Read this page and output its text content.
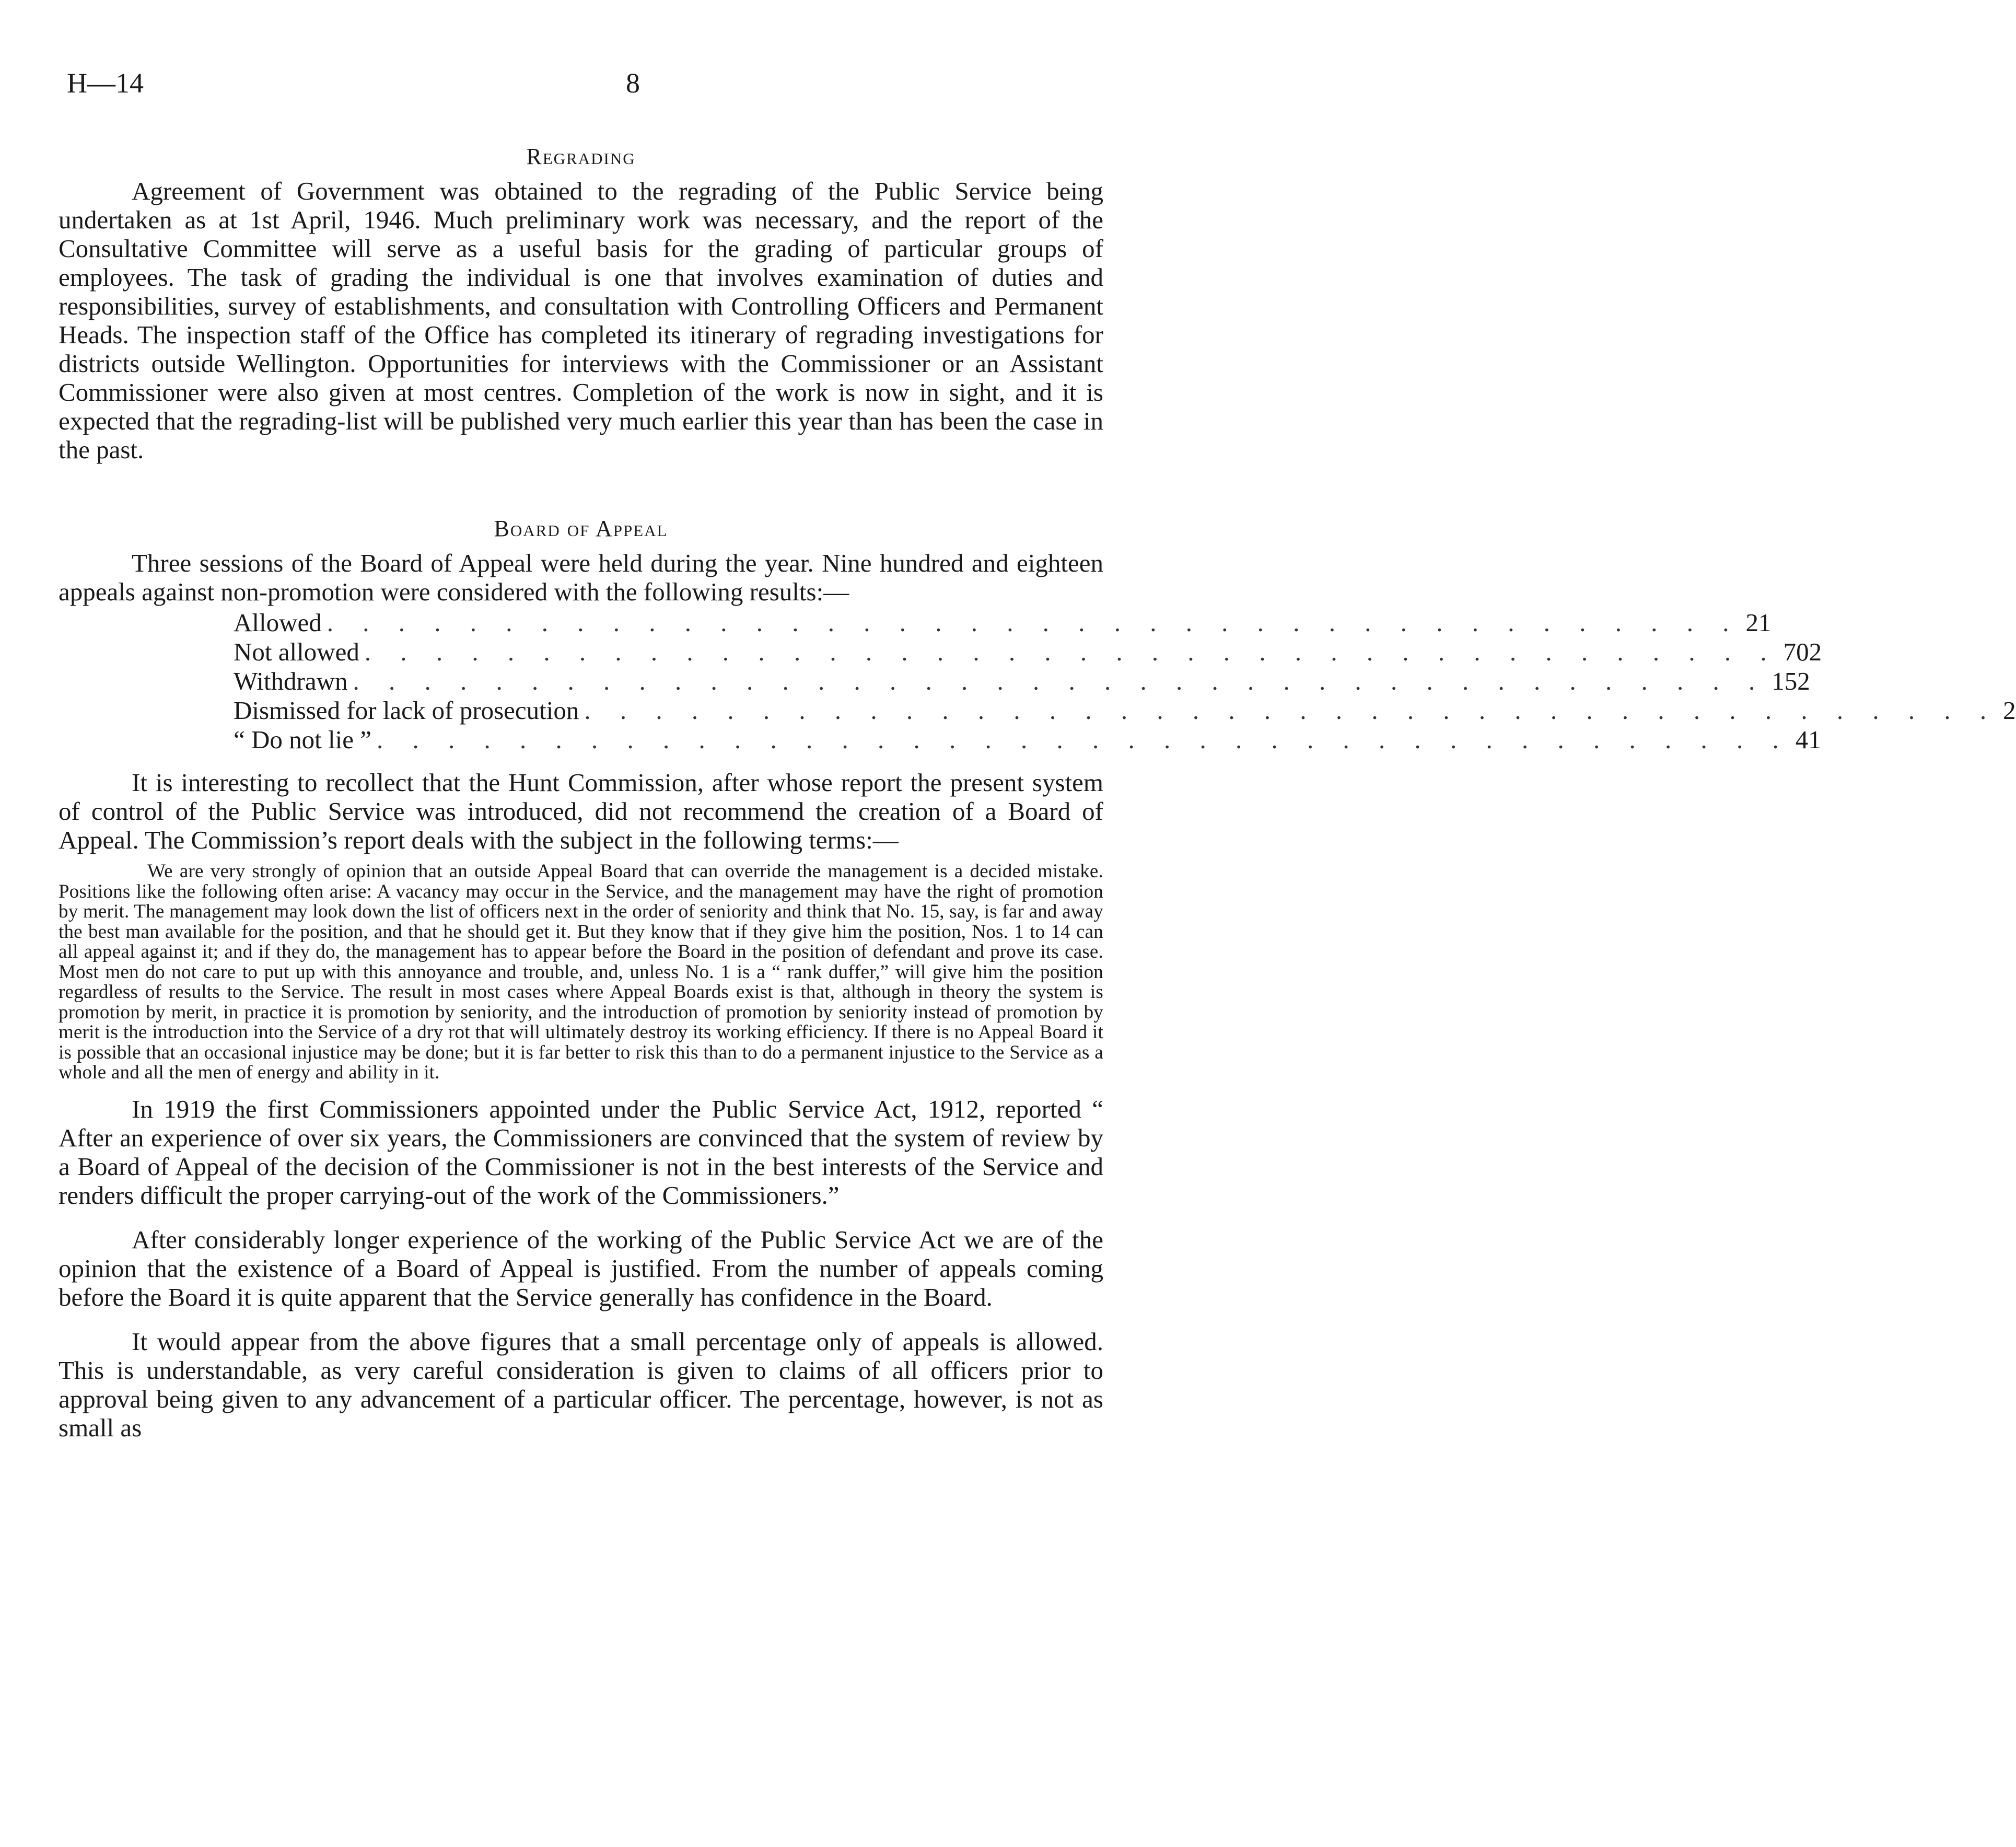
H—14	8
Regrading

Agreement of Government was obtained to the regrading of the Public Service being undertaken as at 1st April, 1946. Much preliminary work was necessary, and the report of the Consultative Committee will serve as a useful basis for the grading of particular groups of employees. The task of grading the individual is one that involves examination of duties and responsibilities, survey of establishments, and consultation with Controlling Officers and Permanent Heads. The inspection staff of the Office has completed its itinerary of regrading investigations for districts outside Wellington. Opportunities for interviews with the Commissioner or an Assistant Commissioner were also given at most centres. Completion of the work is now in sight, and it is expected that the regrading-list will be published very much earlier this year than has been the case in the past.

Board of Appeal

Three sessions of the Board of Appeal were held during the year. Nine hundred and eighteen appeals against non-promotion were considered with the following results:—

Allowed . . . . . . . . . . . . . . . . . . . . . . . . . . . . . . . . . . . . . . . . 21
Not allowed . . . . . . . . . . . . . . . . . . . . . . . . . . . . . . . . . . . . . . . . 702
Withdrawn . . . . . . . . . . . . . . . . . . . . . . . . . . . . . . . . . . . . . . . . 152
Dismissed for lack of prosecution . . . . . . . . . . . . . . . . . . . . . . . . . . . . . . . . . . . . . . . . 2
“ Do not lie ” . . . . . . . . . . . . . . . . . . . . . . . . . . . . . . . . . . . . . . . . 41

It is interesting to recollect that the Hunt Commission, after whose report the present system of control of the Public Service was introduced, did not recommend the creation of a Board of Appeal. The Commission’s report deals with the subject in the following terms:—

We are very strongly of opinion that an outside Appeal Board that can override the management is a decided mistake. Positions like the following often arise: A vacancy may occur in the Service, and the management may have the right of promotion by merit. The management may look down the list of officers next in the order of seniority and think that No. 15, say, is far and away the best man available for the position, and that he should get it. But they know that if they give him the position, Nos. 1 to 14 can all appeal against it; and if they do, the management has to appear before the Board in the position of defendant and prove its case. Most men do not care to put up with this annoyance and trouble, and, unless No. 1 is a “ rank duffer,” will give him the position regardless of results to the Service. The result in most cases where Appeal Boards exist is that, although in theory the system is promotion by merit, in practice it is promotion by seniority, and the introduction of promotion by seniority instead of promotion by merit is the introduction into the Service of a dry rot that will ultimately destroy its working efficiency. If there is no Appeal Board it is possible that an occasional injustice may be done; but it is far better to risk this than to do a permanent injustice to the Service as a whole and all the men of energy and ability in it.

In 1919 the first Commissioners appointed under the Public Service Act, 1912, reported “ After an experience of over six years, the Commissioners are convinced that the system of review by a Board of Appeal of the decision of the Commissioner is not in the best interests of the Service and renders difficult the proper carrying-out of the work of the Commissioners.”

After considerably longer experience of the working of the Public Service Act we are of the opinion that the existence of a Board of Appeal is justified. From the number of appeals coming before the Board it is quite apparent that the Service generally has confidence in the Board.

It would appear from the above figures that a small percentage only of appeals is allowed. This is understandable, as very careful consideration is given to claims of all officers prior to approval being given to any advancement of a particular officer. The percentage, however, is not as small as
